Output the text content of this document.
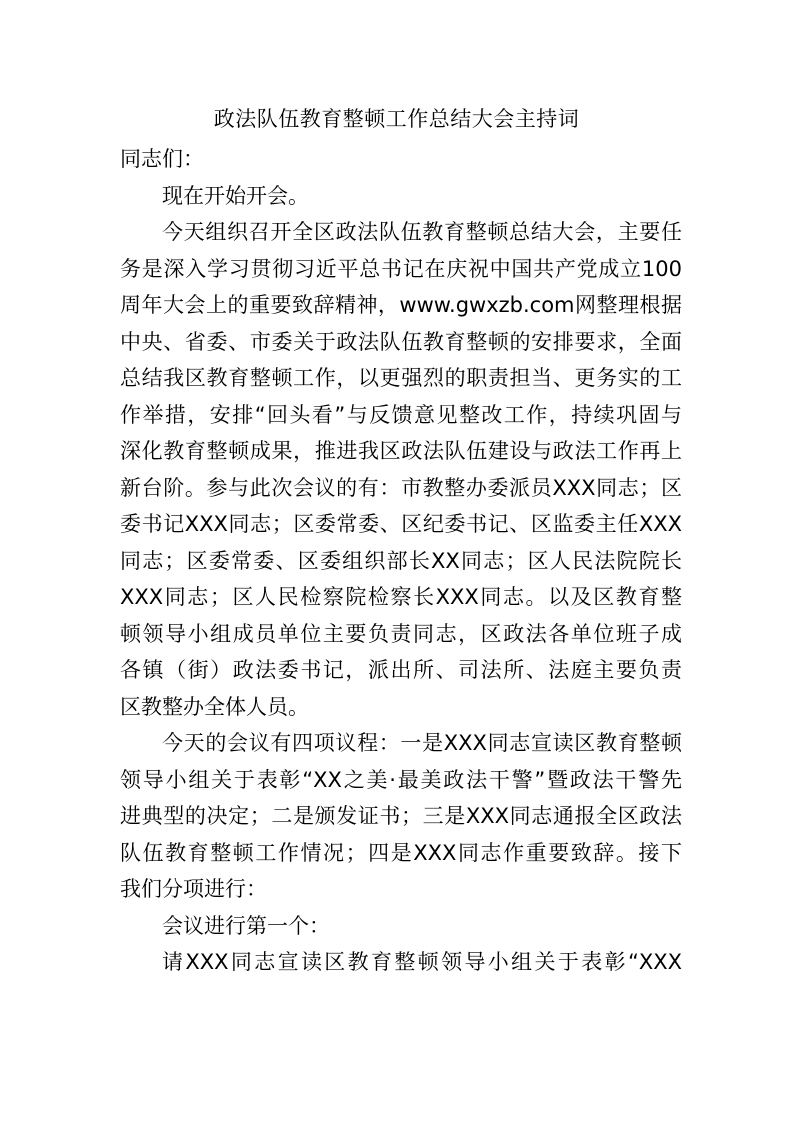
政法队伍教育整顿工作总结大会主持词
同志们：
现在开始开会。
今天组织召开全区政法队伍教育整顿总结大会，主要任
务是深入学习贯彻习近平总书记在庆祝中国共产党成立100
周年大会上的重要致辞精神，www.gwxzb.com网整理根据
中央、省委、市委关于政法队伍教育整顿的安排要求，全面
总结我区教育整顿工作，以更强烈的职责担当、更务实的工
作举措，安排“回头看”与反馈意见整改工作，持续巩固与
深化教育整顿成果，推进我区政法队伍建设与政法工作再上
新台阶。参与此次会议的有：市教整办委派员XXX同志；区
委书记XXX同志；区委常委、区纪委书记、区监委主任XXX
同志；区委常委、区委组织部长XX同志；区人民法院院长
XXX同志；区人民检察院检察长XXX同志。以及区教育整
顿领导小组成员单位主要负责同志，区政法各单位班子成
各镇（街）政法委书记，派出所、司法所、法庭主要负责
区教整办全体人员。
今天的会议有四项议程：一是XXX同志宣读区教育整顿
领导小组关于表彰“XX之美·最美政法干警”暨政法干警先
进典型的决定；二是颁发证书；三是XXX同志通报全区政法
队伍教育整顿工作情况；四是XXX同志作重要致辞。接下
我们分项进行：
会议进行第一个：
请XXX同志宣读区教育整顿领导小组关于表彰“XXX
